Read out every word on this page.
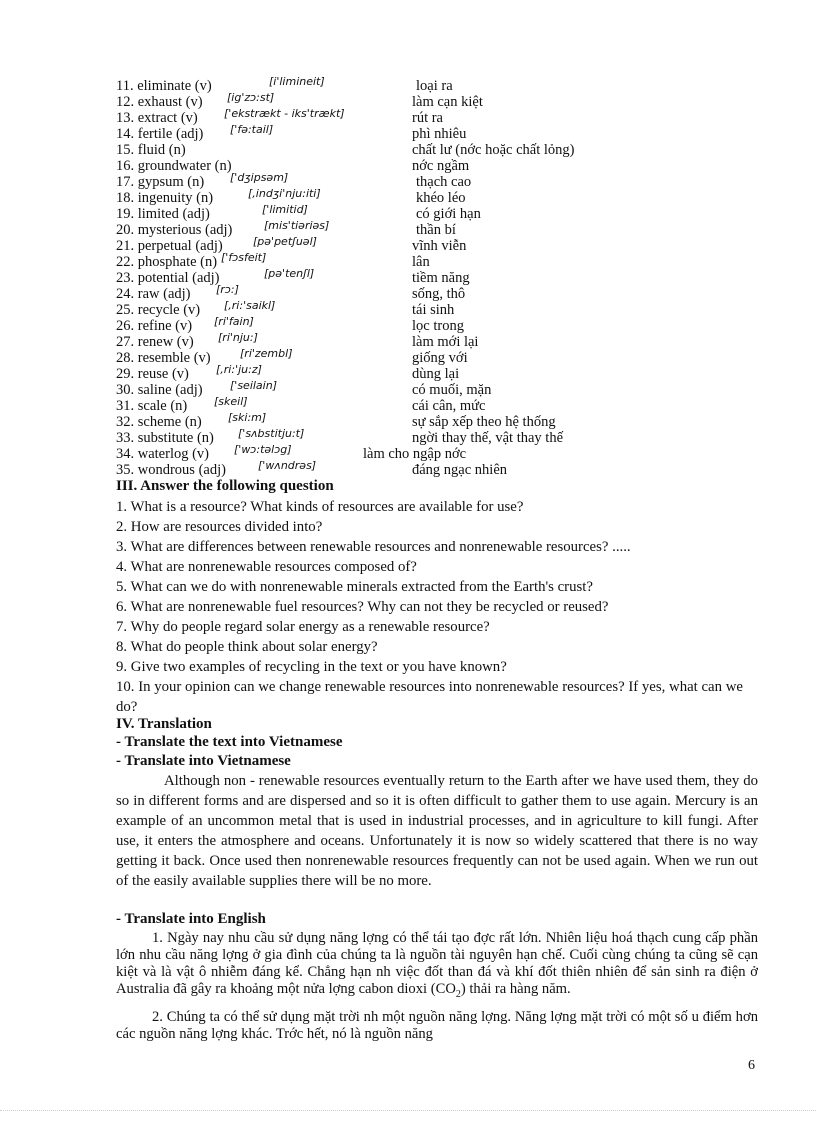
11. eliminate (v)	[i'limineit]	loại ra
12. exhaust (v) [ig'zɔ:st]	làm cạn kiệt
13. extract (v) ['ekstrækt - iks'trækt]	rút ra
14. fertile (adj) ['fə:tail]	phì nhiêu
15. fluid (n)	chất lư (nớc hoặc chất lỏng)
16. groundwater (n)	nớc ngầm
17. gypsum (n) ['dʒipsəm]	thạch cao
18. ingenuity (n)	[,indʒi'nju:iti]	khéo léo
19. limited (adj)	['limitid]	có giới hạn
20. mysterious (adj)	[mis'tiəriəs]	thần bí
21. perpetual (adj)	[pə'petʃuəl]	vĩnh viễn
22. phosphate (n) ['fɔsfeit]	lân
23. potential (adj)	[pə'tenʃl]	tiềm năng
24. raw (adj) [rɔ:]	sống, thô
25. recycle (v) [,ri:'saikl]	tái sinh
26. refine (v) [ri'fain]	lọc trong
27. renew (v) [ri'nju:]	làm mới lại
28. resemble (v)	[ri'zembl]	giống với
29. reuse (v) [,ri:'ju:z]	dùng lại
30. saline (adj) ['seilain]	có muối, mặn
31. scale (n) [skeil]	cái cân, mức
32. scheme (n) [ski:m]	sự sắp xếp theo hệ thống
33. substitute (n) ['sʌbstitju:t]	ngời thay thế, vật thay thế
34. waterlog (v) ['wɔ:təlɔg]	làm cho ngập nớc
35. wondrous (adj)	['wʌndrəs]	đáng ngạc nhiên
III. Answer the following question
1. What is a resource? What kinds of resources are available for use?
2. How are resources divided into?
3. What are differences between renewable resources and nonrenewable resources? .....
4. What are nonrenewable resources composed of?
5. What can we do with nonrenewable minerals extracted from the Earth's crust?
6. What are nonrenewable fuel resources? Why can not they be recycled or reused?
7. Why do people regard solar energy as a renewable resource?
8. What do people think about solar energy?
9. Give two examples of recycling in the text or you have known?
10. In your opinion can we change renewable resources into nonrenewable resources? If yes, what can we do?
IV. Translation
- Translate the text into Vietnamese
- Translate into Vietnamese
Although non - renewable resources eventually return to the Earth after we have used them, they do so in different forms and are dispersed and so it is often difficult to gather them to use again. Mercury is an example of an uncommon metal that is used in industrial processes, and in agriculture to kill fungi. After use, it enters the atmosphere and oceans. Unfortunately it is now so widely scattered that there is no way getting it back. Once used then nonrenewable resources frequently can not be used again. When we run out of the easily available supplies there will be no more.
- Translate into English
1. Ngày nay nhu cầu sử dụng năng lợng có thể tái tạo đợc rất lớn. Nhiên liệu hoá thạch cung cấp phần lớn nhu cầu năng lợng ở gia đình của chúng ta là nguồn tài nguyên hạn chế. Cuối cùng chúng ta cũng sẽ cạn kiệt và là vật ô nhiễm đáng kể. Chẳng hạn nh việc đốt than đá và khí đốt thiên nhiên để sản sinh ra điện ở Australia đã gây ra khoảng một nửa lợng cabon dioxi $(CO_2)$ thải ra hàng năm.
2. Chúng ta có thể sử dụng mặt trời nh một nguồn năng lợng. Năng lợng mặt trời có một số u điểm hơn các nguồn năng lợng khác. Trớc hết, nó là nguồn năng
6
